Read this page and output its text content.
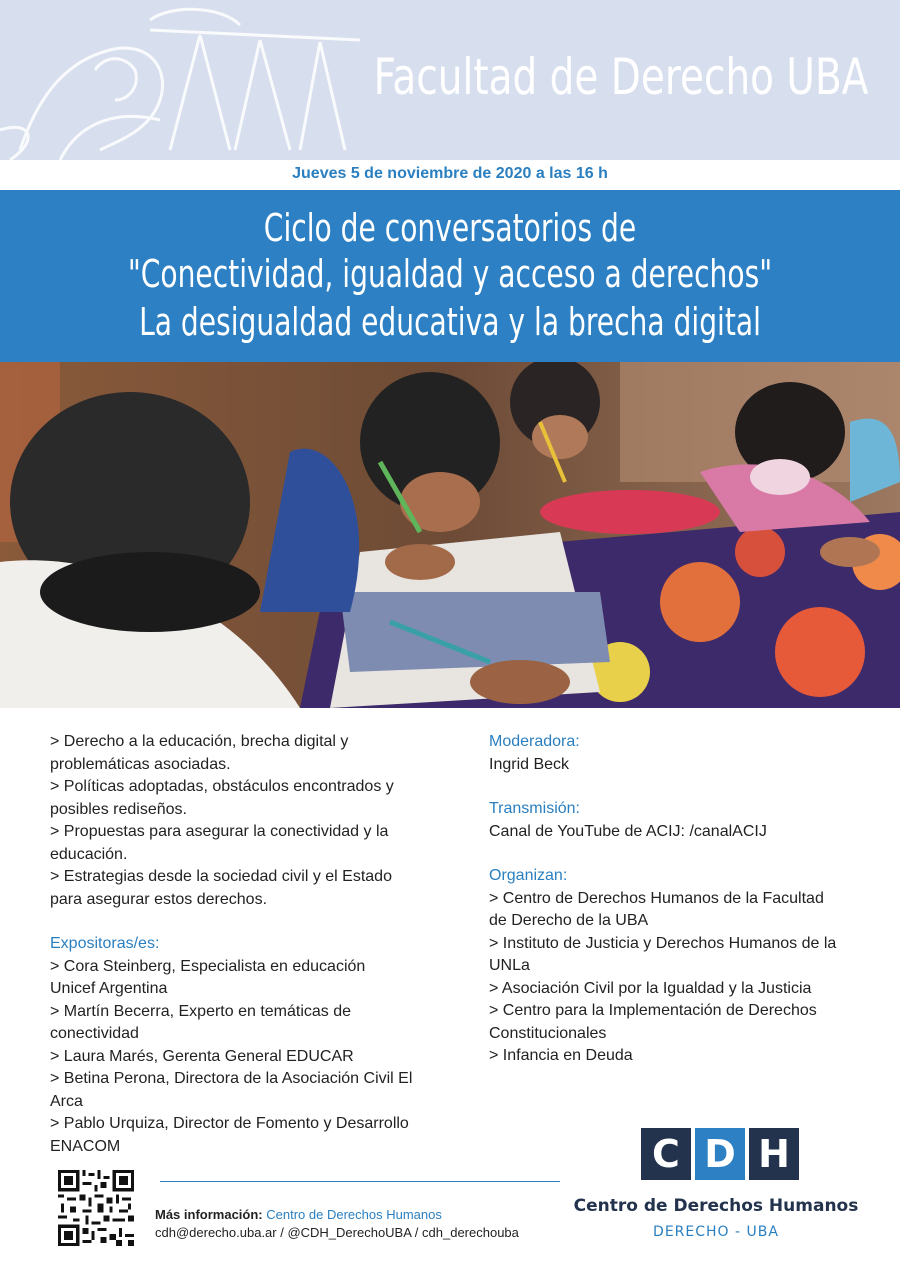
Facultad de Derecho UBA
Jueves 5 de noviembre de 2020 a las 16 h
Ciclo de conversatorios de
"Conectividad, igualdad y acceso a derechos"
La desigualdad educativa y la brecha digital

> Derecho a la educación, brecha digital y

problemáticas asociadas.

> Políticas adoptadas, obstáculos encontrados y

posibles rediseños.

> Propuestas para asegurar la conectividad y la

educación.

> Estrategias desde la sociedad civil y el Estado

para asegurar estos derechos.

Expositoras/es:

> Cora Steinberg, Especialista en educación

Unicef Argentina

> Martín Becerra, Experto en temáticas de

conectividad

> Laura Marés, Gerenta General EDUCAR

> Betina Perona, Directora de la Asociación Civil El

Arca

> Pablo Urquiza, Director de Fomento y Desarrollo

ENACOM

Moderadora:

Ingrid Beck

Transmisión:

Canal de YouTube de ACIJ: /canalACIJ

Organizan:

> Centro de Derechos Humanos de la Facultad

de Derecho de la UBA

> Instituto de Justicia y Derechos Humanos de la

UNLa

> Asociación Civil por la Igualdad y la Justicia

> Centro para la Implementación de Derechos

Constitucionales

> Infancia en Deuda

Más información: Centro de Derechos Humanos
cdh@derecho.uba.ar / @CDH_DerechoUBA / cdh_derechouba
C D H
Centro de Derechos Humanos
DERECHO - UBA
